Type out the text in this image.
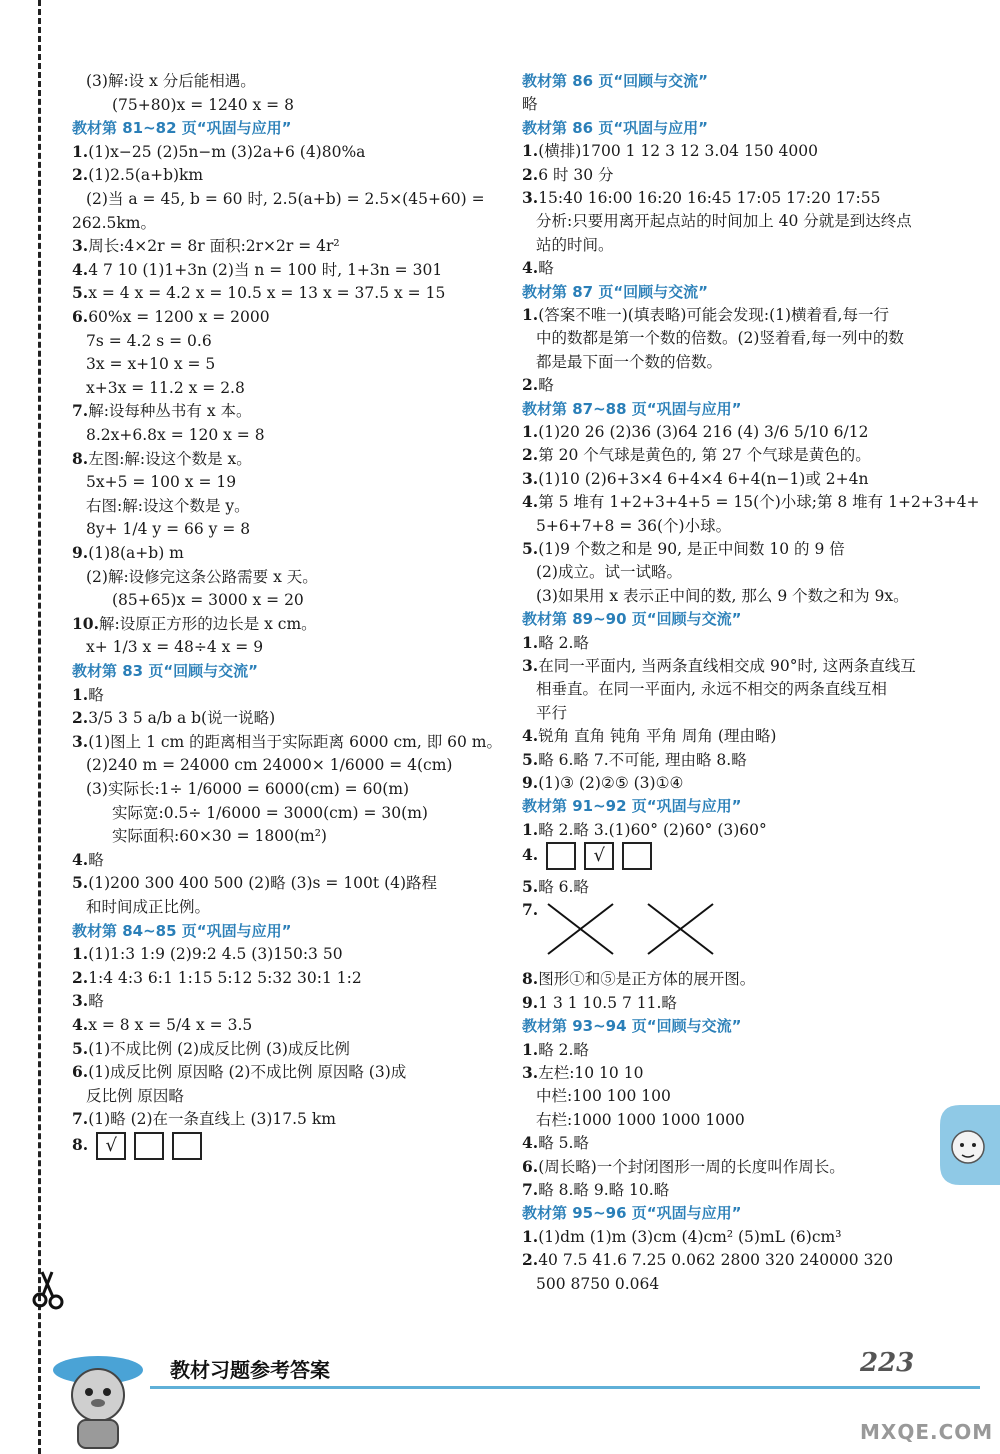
(3)解:设 x 分后能相遇。
(75+80)x = 1240 x = 8
教材第 81~82 页“巩固与应用”
1.(1)x−25 (2)5n−m (3)2a+6 (4)80%a
2.(1)2.5(a+b)km
(2)当 a = 45, b = 60 时, 2.5(a+b) = 2.5×(45+60) =
262.5km。
3.周长:4×2r = 8r 面积:2r×2r = 4r²
4.4 7 10 (1)1+3n (2)当 n = 100 时, 1+3n = 301
5.x = 4 x = 4.2 x = 10.5 x = 13 x = 37.5 x = 15
6.60%x = 1200 x = 2000
7s = 4.2 s = 0.6
3x = x+10 x = 5
x+3x = 11.2 x = 2.8
7.解:设每种丛书有 x 本。
8.2x+6.8x = 120 x = 8
8.左图:解:设这个数是 x。
5x+5 = 100 x = 19
右图:解:设这个数是 y。
8y+ 1/4 y = 66 y = 8
9.(1)8(a+b) m
(2)解:设修完这条公路需要 x 天。
(85+65)x = 3000 x = 20
10.解:设原正方形的边长是 x cm。
x+ 1/3 x = 48÷4 x = 9
教材第 83 页“回顾与交流”
1.略
2.3/5 3 5 a/b a b(说一说略)
3.(1)图上 1 cm 的距离相当于实际距离 6000 cm, 即 60 m。
(2)240 m = 24000 cm 24000× 1/6000 = 4(cm)
(3)实际长:1÷ 1/6000 = 6000(cm) = 60(m)
实际宽:0.5÷ 1/6000 = 3000(cm) = 30(m)
实际面积:60×30 = 1800(m²)
4.略
5.(1)200 300 400 500 (2)略 (3)s = 100t (4)路程
和时间成正比例。
教材第 84~85 页“巩固与应用”
1.(1)1:3 1:9 (2)9:2 4.5 (3)150:3 50
2.1:4 4:3 6:1 1:15 5:12 5:32 30:1 1:2
3.略
4.x = 8 x = 5/4 x = 3.5
5.(1)不成比例 (2)成反比例 (3)成反比例
6.(1)成反比例 原因略 (2)不成比例 原因略 (3)成
反比例 原因略
7.(1)略 (2)在一条直线上 (3)17.5 km
8. √
教材第 86 页“回顾与交流”
略
教材第 86 页“巩固与应用”
1.(横排)1700 1 12 3 12 3.04 150 4000
2.6 时 30 分
3.15:40 16:00 16:20 16:45 17:05 17:20 17:55
分析:只要用离开起点站的时间加上 40 分就是到达终点
站的时间。
4.略
教材第 87 页“回顾与交流”
1.(答案不唯一)(填表略)可能会发现:(1)横着看,每一行
中的数都是第一个数的倍数。(2)竖着看,每一列中的数
都是最下面一个数的倍数。
2.略
教材第 87~88 页“巩固与应用”
1.(1)20 26 (2)36 (3)64 216 (4) 3/6 5/10 6/12
2.第 20 个气球是黄色的, 第 27 个气球是黄色的。
3.(1)10 (2)6+3×4 6+4×4 6+4(n−1)或 2+4n
4.第 5 堆有 1+2+3+4+5 = 15(个)小球;第 8 堆有 1+2+3+4+
5+6+7+8 = 36(个)小球。
5.(1)9 个数之和是 90, 是正中间数 10 的 9 倍
(2)成立。试一试略。
(3)如果用 x 表示正中间的数, 那么 9 个数之和为 9x。
教材第 89~90 页“回顾与交流”
1.略 2.略
3.在同一平面内, 当两条直线相交成 90°时, 这两条直线互
相垂直。在同一平面内, 永远不相交的两条直线互相
平行
4.锐角 直角 钝角 平角 周角 (理由略)
5.略 6.略 7.不可能, 理由略 8.略
9.(1)③ (2)②⑤ (3)①④
教材第 91~92 页“巩固与应用”
1.略 2.略 3.(1)60° (2)60° (3)60°
4.	√
5.略 6.略
7.
8.图形①和⑤是正方体的展开图。
9.1 3 1 10.5 7 11.略
教材第 93~94 页“回顾与交流”
1.略 2.略
3.左栏:10 10 10
中栏:100 100 100
右栏:1000 1000 1000 1000
4.略 5.略
6.(周长略)一个封闭图形一周的长度叫作周长。
7.略 8.略 9.略 10.略
教材第 95~96 页“巩固与应用”
1.(1)dm (1)m (3)cm (4)cm² (5)mL (6)cm³
2.40 7.5 41.6 7.25 0.062 2800 320 240000 320
500 8750 0.064
教材习题参考答案	223
MXQE.COM
